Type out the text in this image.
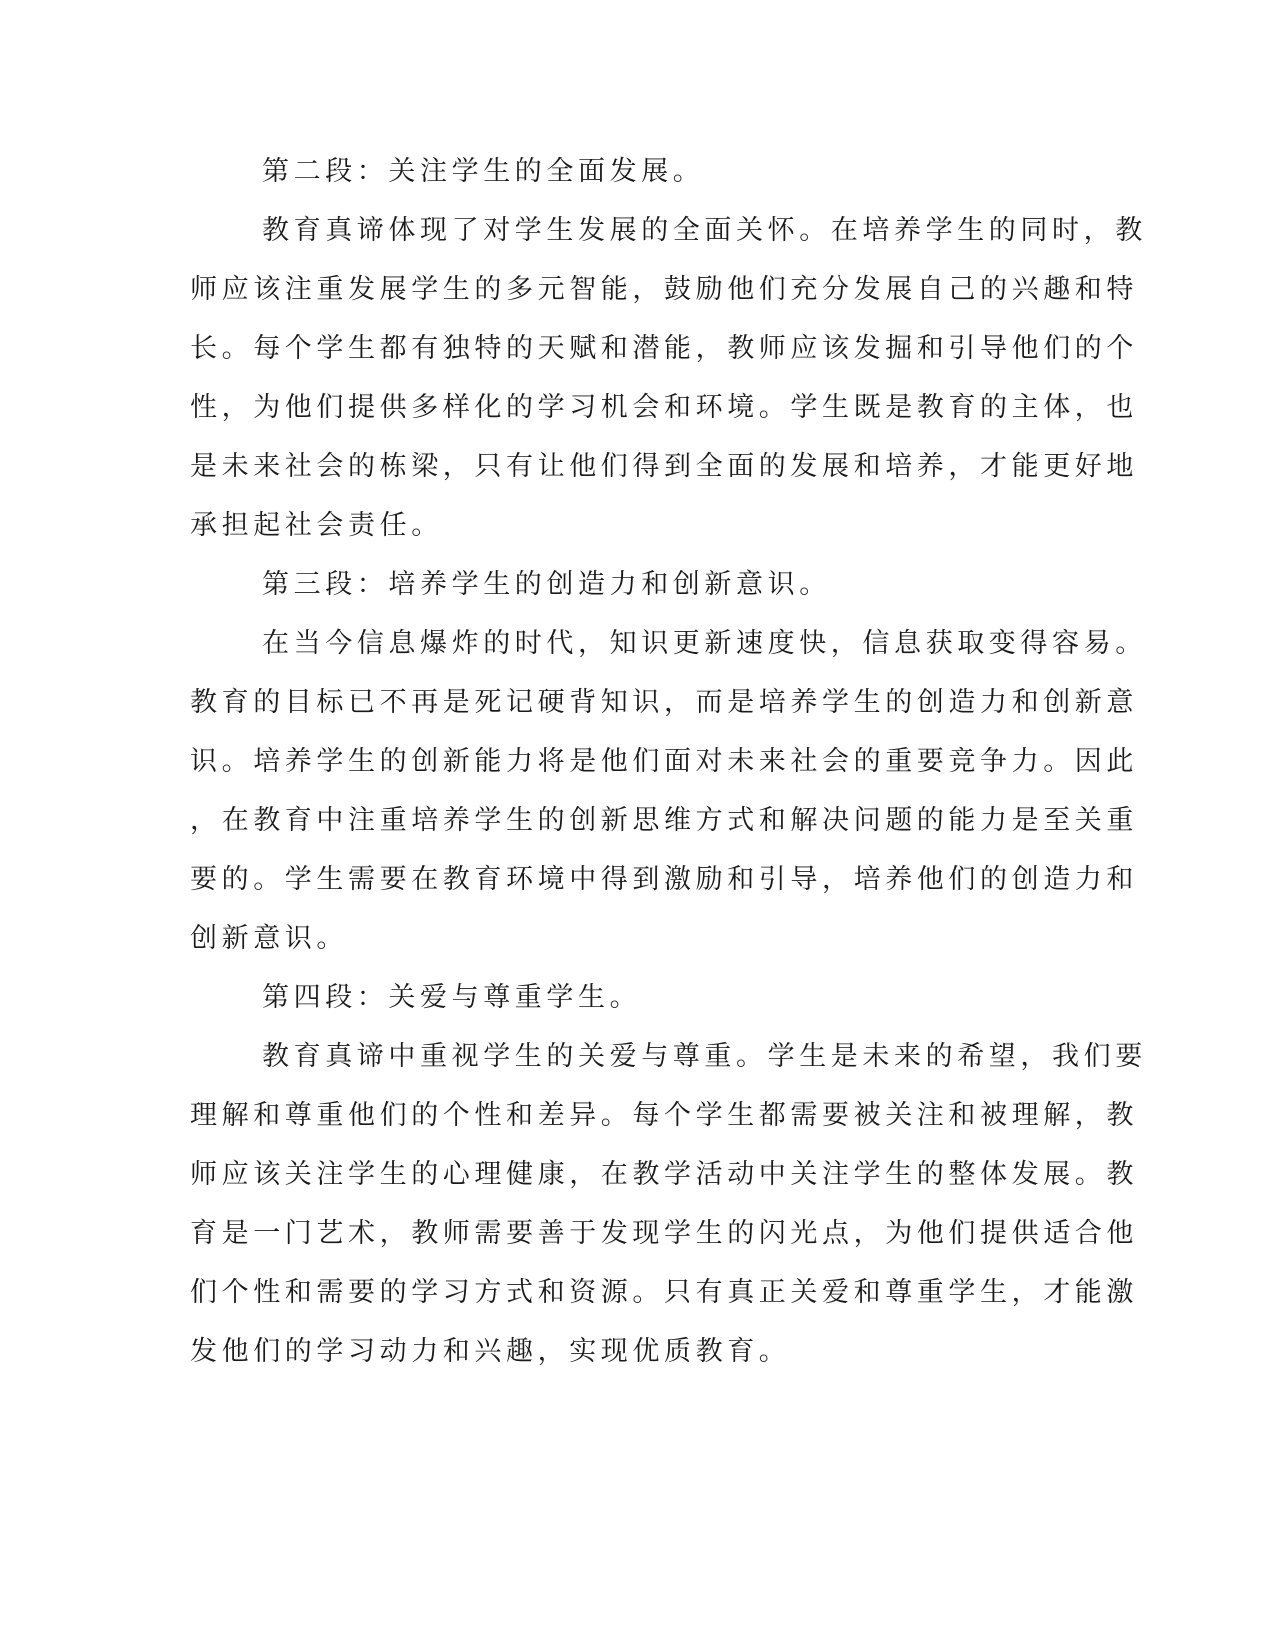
第二段：关注学生的全面发展。
教育真谛体现了对学生发展的全面关怀。在培养学生的同时，教
师应该注重发展学生的多元智能，鼓励他们充分发展自己的兴趣和特
长。每个学生都有独特的天赋和潜能，教师应该发掘和引导他们的个
性，为他们提供多样化的学习机会和环境。学生既是教育的主体，也
是未来社会的栋梁，只有让他们得到全面的发展和培养，才能更好地
承担起社会责任。
第三段：培养学生的创造力和创新意识。
在当今信息爆炸的时代，知识更新速度快，信息获取变得容易。
教育的目标已不再是死记硬背知识，而是培养学生的创造力和创新意
识。培养学生的创新能力将是他们面对未来社会的重要竞争力。因此
，在教育中注重培养学生的创新思维方式和解决问题的能力是至关重
要的。学生需要在教育环境中得到激励和引导，培养他们的创造力和
创新意识。
第四段：关爱与尊重学生。
教育真谛中重视学生的关爱与尊重。学生是未来的希望，我们要
理解和尊重他们的个性和差异。每个学生都需要被关注和被理解，教
师应该关注学生的心理健康，在教学活动中关注学生的整体发展。教
育是一门艺术，教师需要善于发现学生的闪光点，为他们提供适合他
们个性和需要的学习方式和资源。只有真正关爱和尊重学生，才能激
发他们的学习动力和兴趣，实现优质教育。
